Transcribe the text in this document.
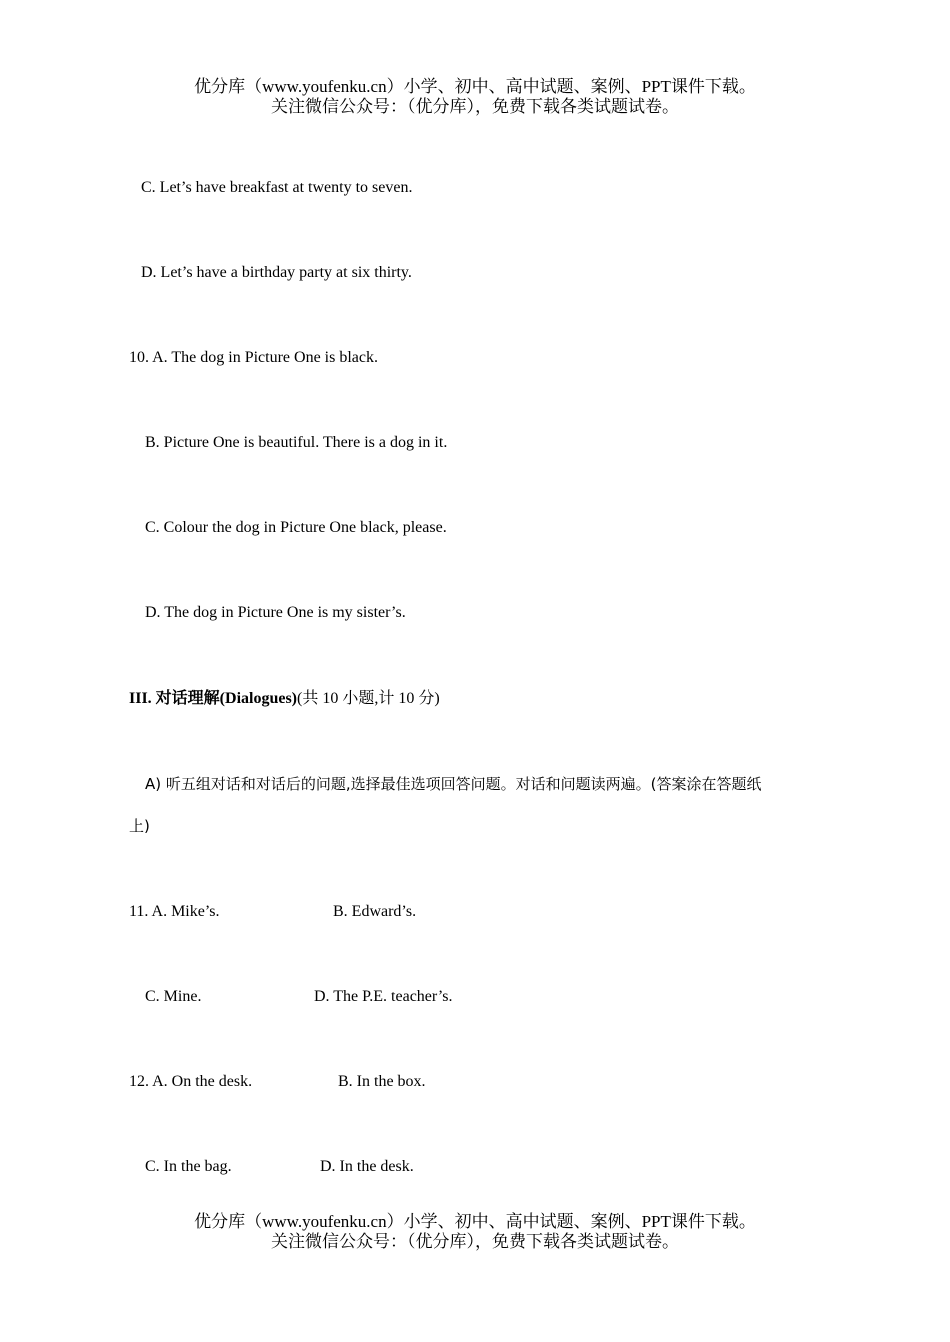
优分库（www.youfenku.cn）小学、初中、高中试题、案例、PPT课件下载。
关注微信公众号：（优分库），免费下载各类试题试卷。
C. Let’s have breakfast at twenty to seven.
D. Let’s have a birthday party at six thirty.
10. A. The dog in Picture One is black.
B. Picture One is beautiful. There is a dog in it.
C. Colour the dog in Picture One black, please.
D. The dog in Picture One is my sister’s.
III. 对话理解(Dialogues)(共 10 小题,计 10 分)
A) 听五组对话和对话后的问题,选择最佳选项回答问题。对话和问题读两遍。(答案涂在答题纸
上)
11. A. Mike’s.	B. Edward’s.
C. Mine.	D. The P.E. teacher’s.
12. A. On the desk.	B. In the box.
C. In the bag.	D. In the desk.
优分库（www.youfenku.cn）小学、初中、高中试题、案例、PPT课件下载。
关注微信公众号：（优分库），免费下载各类试题试卷。
